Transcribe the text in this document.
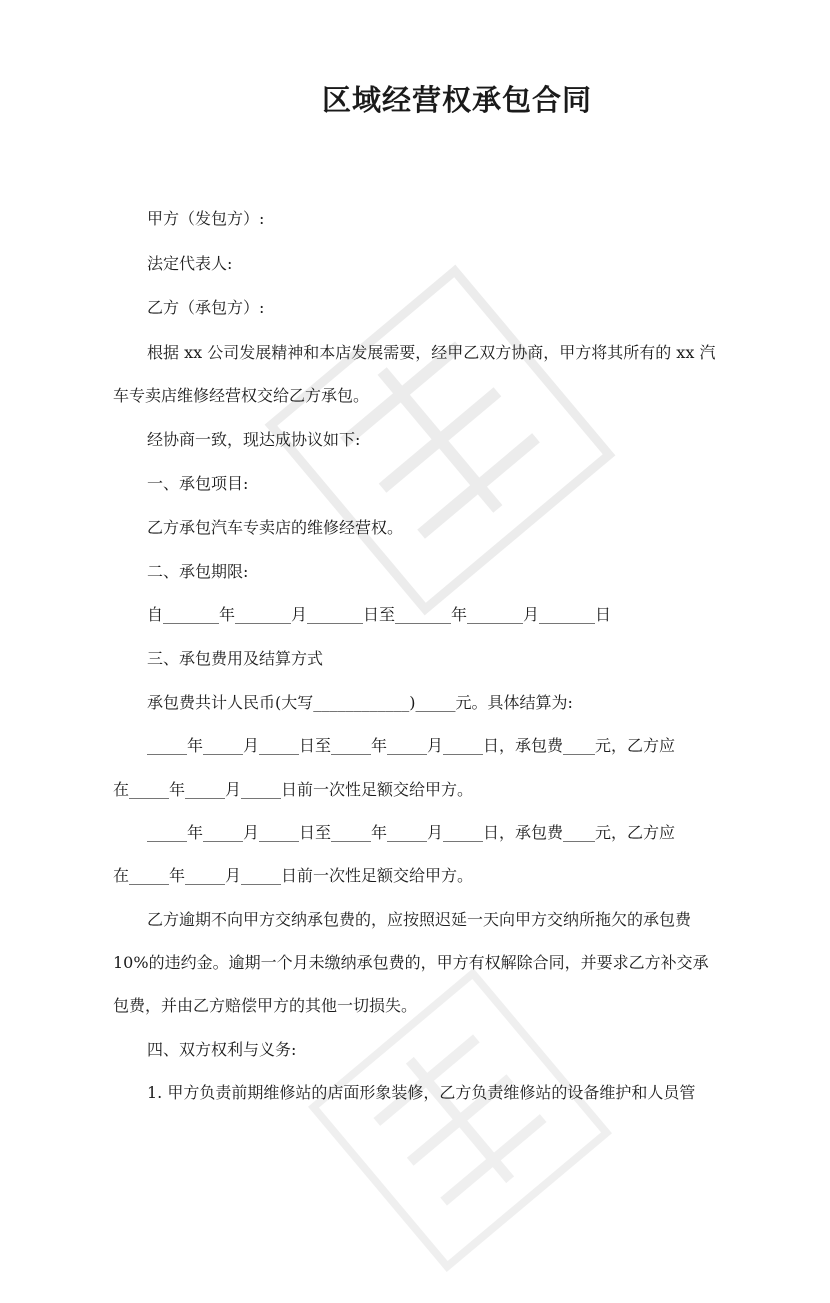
区域经营权承包合同
甲方（发包方）:
法定代表人:
乙方（承包方）:
根据 xx 公司发展精神和本店发展需要，经甲乙双方协商，甲方将其所有的 xx 汽
车专卖店维修经营权交给乙方承包。
经协商一致，现达成协议如下:
一、承包项目:
乙方承包汽车专卖店的维修经营权。
二、承包期限:
自_______年_______月_______日至_______年_______月_______日
三、承包费用及结算方式
承包费共计人民币(大写____________)_____元。具体结算为:
_____年_____月_____日至_____年_____月_____日，承包费____元，乙方应
在_____年_____月_____日前一次性足额交给甲方。
_____年_____月_____日至_____年_____月_____日，承包费____元，乙方应
在_____年_____月_____日前一次性足额交给甲方。
乙方逾期不向甲方交纳承包费的，应按照迟延一天向甲方交纳所拖欠的承包费
10%的违约金。逾期一个月未缴纳承包费的，甲方有权解除合同，并要求乙方补交承
包费，并由乙方赔偿甲方的其他一切损失。
四、双方权利与义务:
1. 甲方负责前期维修站的店面形象装修，乙方负责维修站的设备维护和人员管
